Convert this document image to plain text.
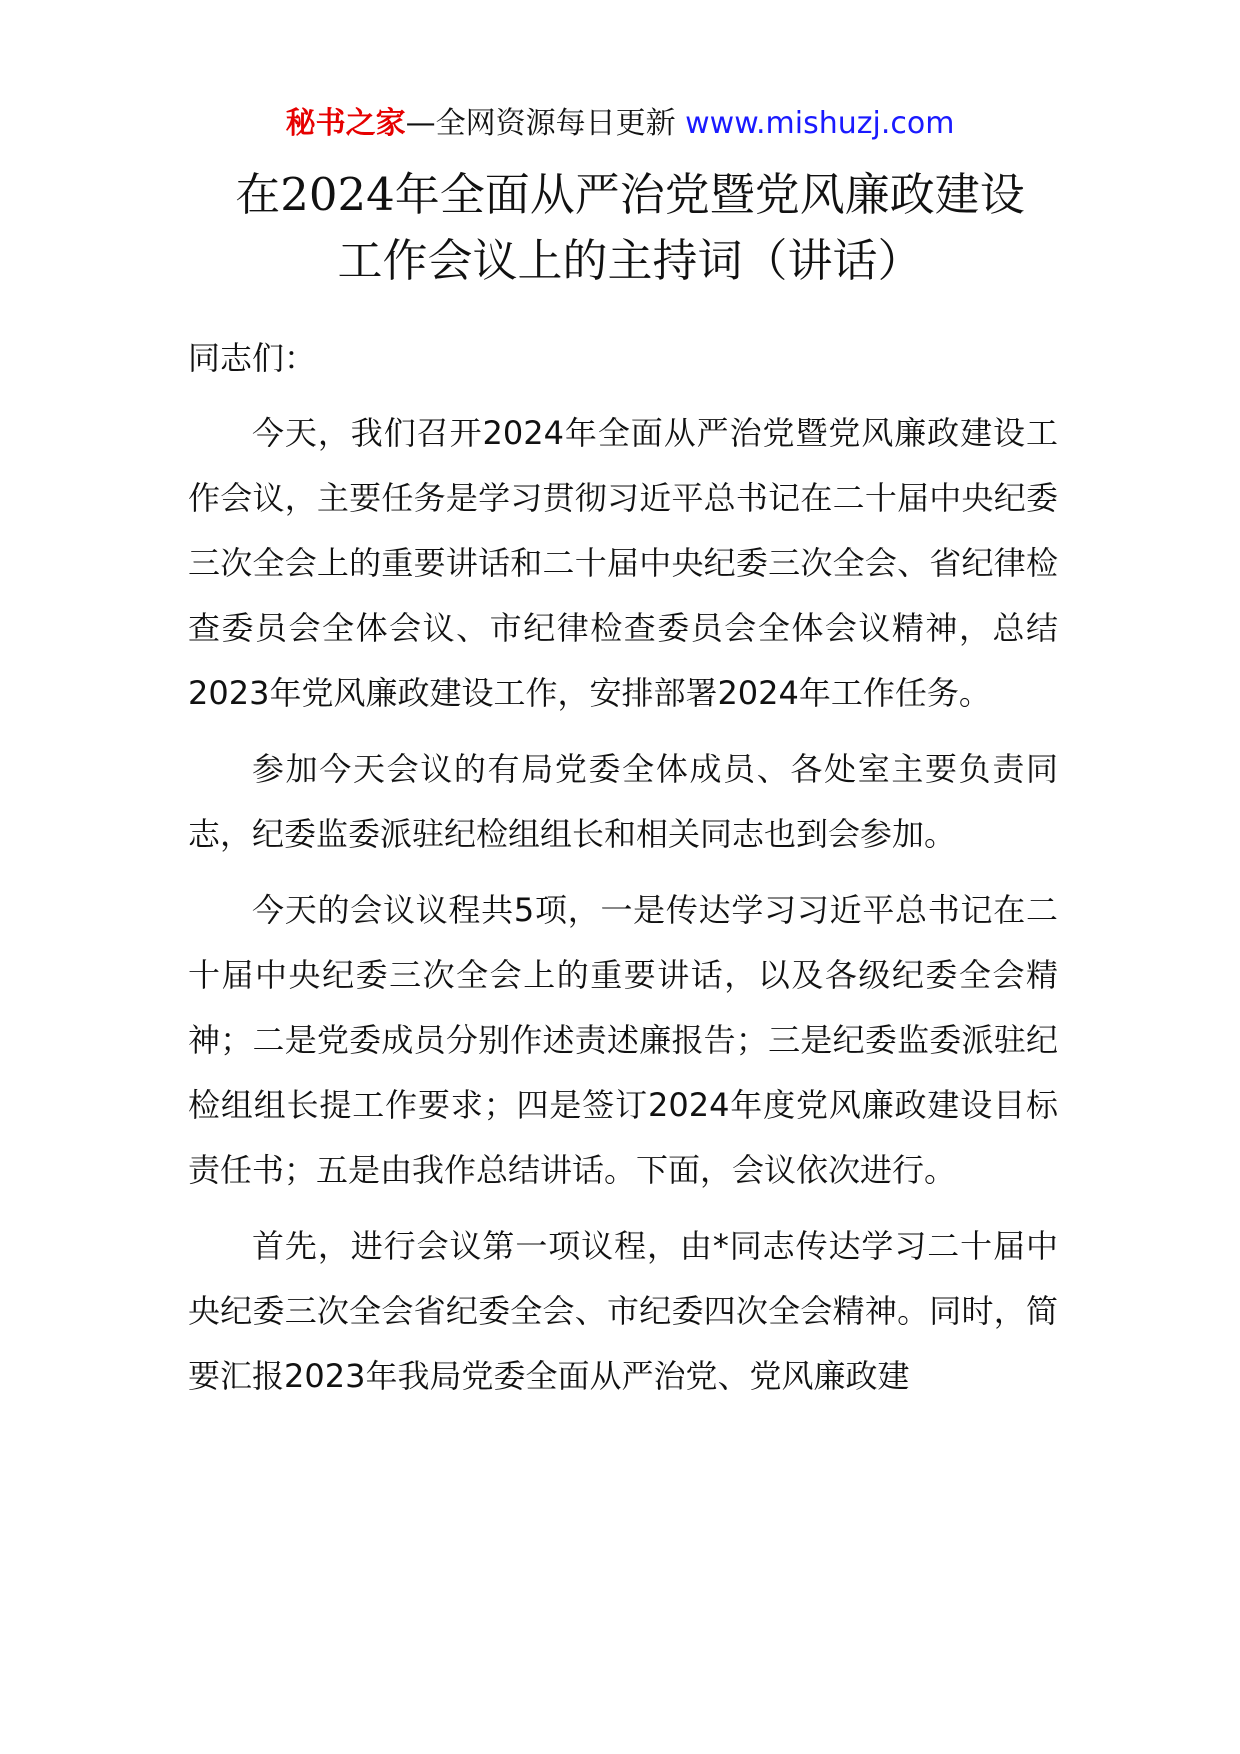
秘书之家—全网资源每日更新 www.mishuzj.com
在2024年全面从严治党暨党风廉政建设
工作会议上的主持词（讲话）

同志们：

今天，我们召开2024年全面从严治党暨党风廉政建设工作会议，主要任务是学习贯彻习近平总书记在二十届中央纪委三次全会上的重要讲话和二十届中央纪委三次全会、省纪律检查委员会全体会议、市纪律检查委员会全体会议精神，总结2023年党风廉政建设工作，安排部署2024年工作任务。

参加今天会议的有局党委全体成员、各处室主要负责同志，纪委监委派驻纪检组组长和相关同志也到会参加。

今天的会议议程共5项，一是传达学习习近平总书记在二十届中央纪委三次全会上的重要讲话，以及各级纪委全会精神；二是党委成员分别作述责述廉报告；三是纪委监委派驻纪检组组长提工作要求；四是签订2024年度党风廉政建设目标责任书；五是由我作总结讲话。下面，会议依次进行。

首先，进行会议第一项议程，由*同志传达学习二十届中央纪委三次全会省纪委全会、市纪委四次全会精神。同时，简要汇报2023年我局党委全面从严治党、党风廉政建
